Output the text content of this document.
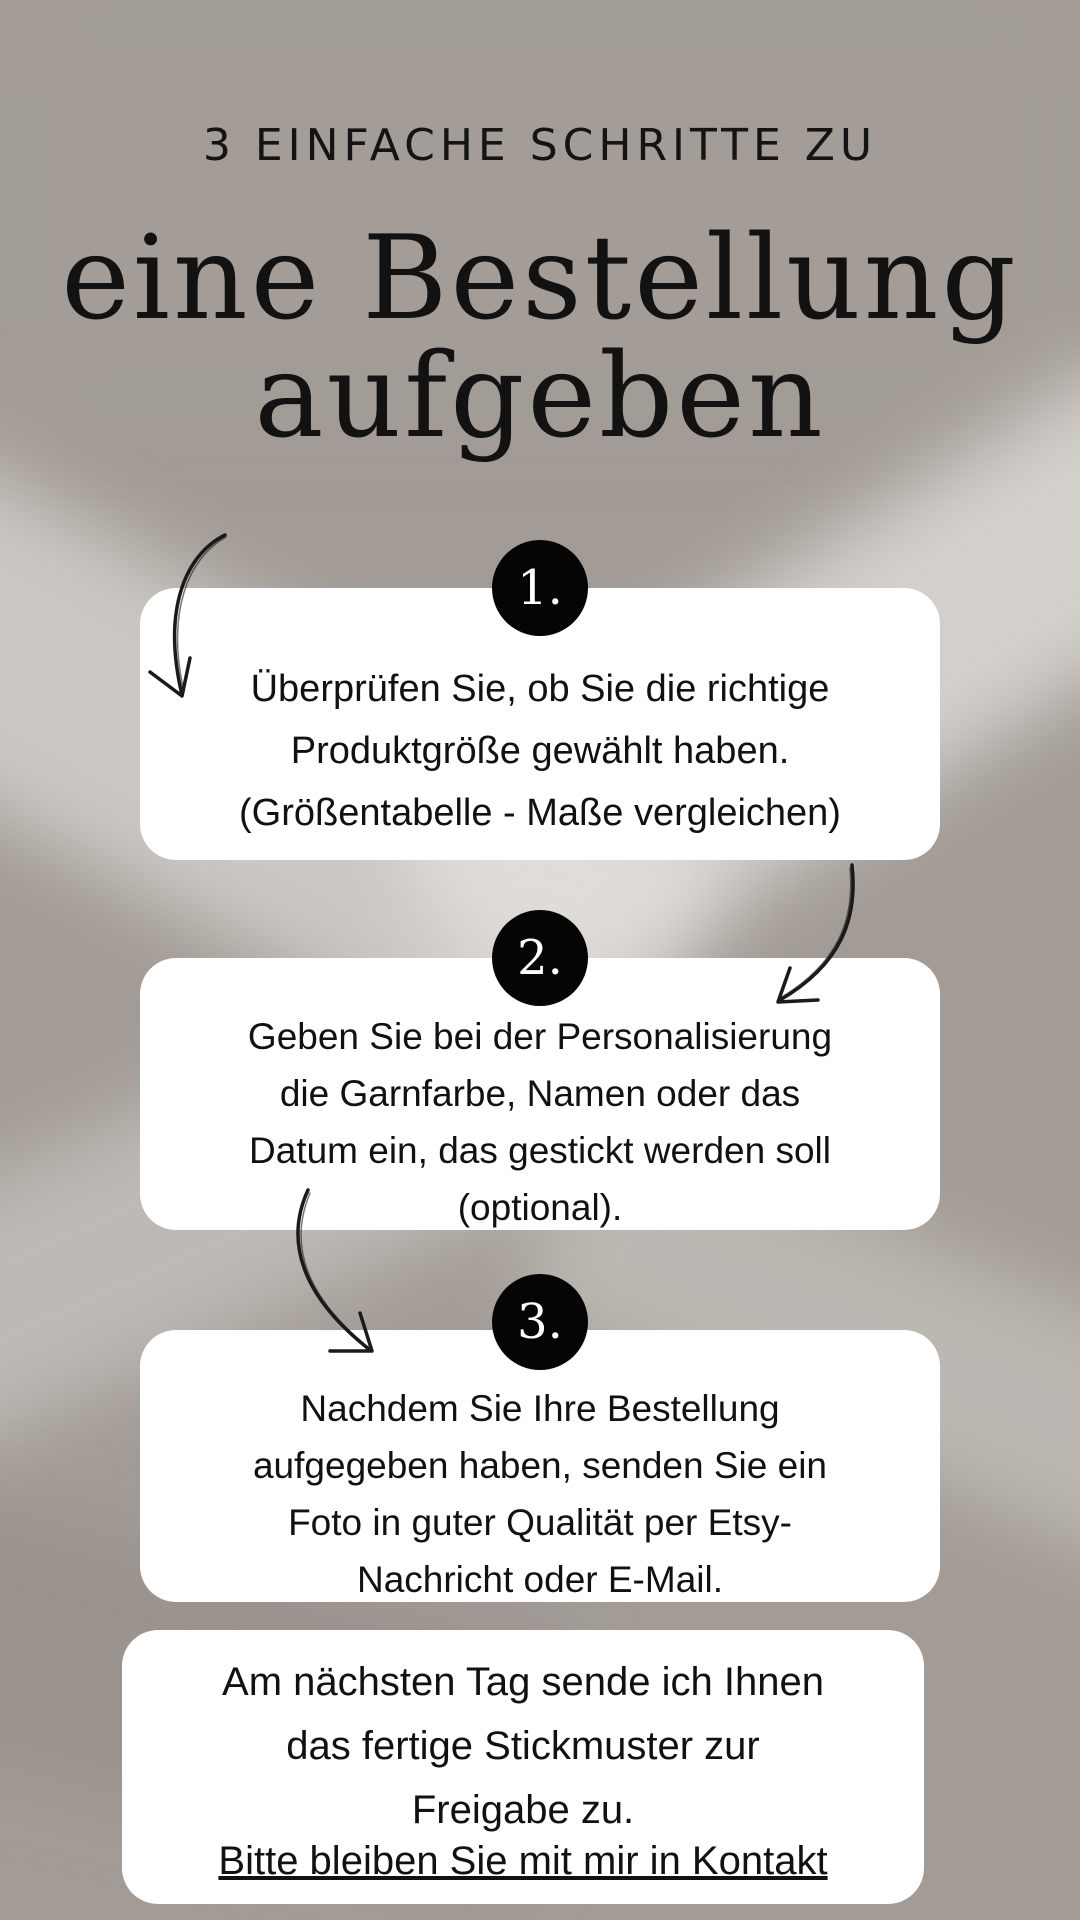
3 EINFACHE SCHRITTE ZU
eine Bestellung
aufgeben
Überprüfen Sie, ob Sie die richtige
Produktgröße gewählt haben.
(Größentabelle - Maße vergleichen)
1.
Geben Sie bei der Personalisierung
die Garnfarbe, Namen oder das
Datum ein, das gestickt werden soll
(optional).
2.
Nachdem Sie Ihre Bestellung
aufgegeben haben, senden Sie ein
Foto in guter Qualität per Etsy-
Nachricht oder E-Mail.
3.
Am nächsten Tag sende ich Ihnen
das fertige Stickmuster zur
Freigabe zu.
Bitte bleiben Sie mit mir in Kontakt
